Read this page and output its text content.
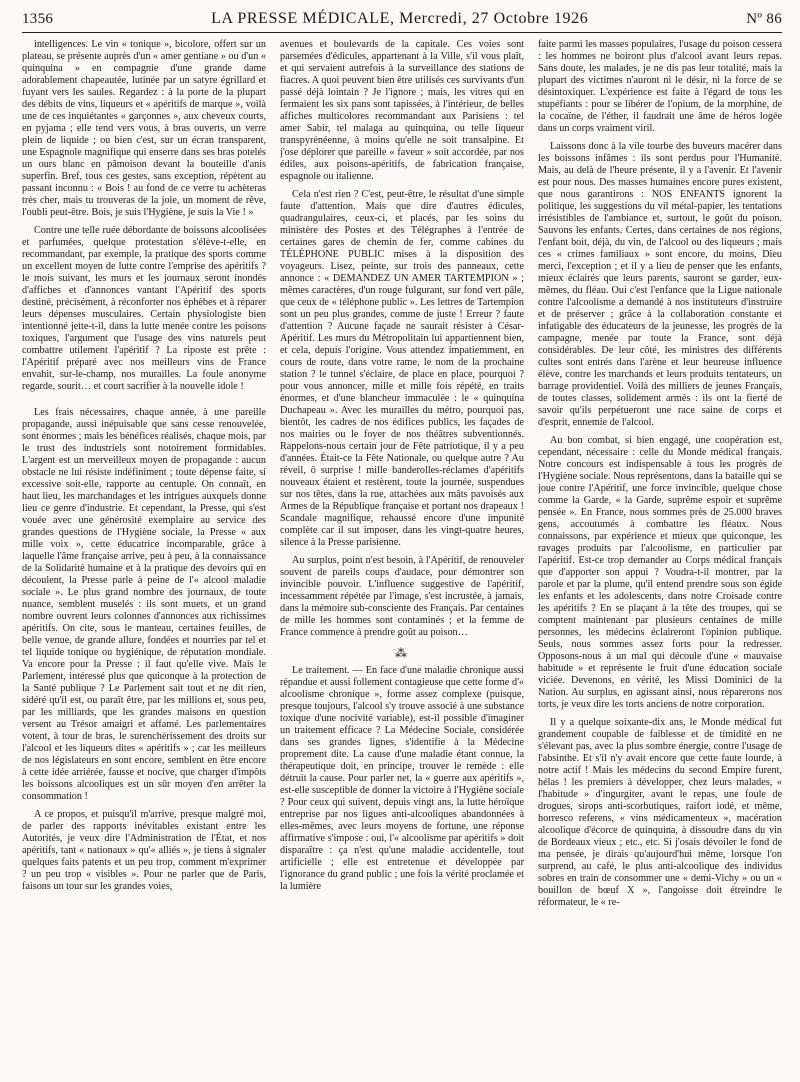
1356	LA PRESSE MÉDICALE, Mercredi, 27 Octobre 1926	Nº 86

intelligences. Le vin « tonique », bicolore, offert sur un plateau, se présente auprès d'un « amer gentiane » ou d'un « quinquina » en compagnie d'une grande dame adorablement chapeautée, lutinée par un satyre égrillard et fuyant vers les saules. Regardez : à la porte de la plupart des débits de vins, liqueurs et « apéritifs de marque », voilà une de ces inquiétantes « garçonnes », aux cheveux courts, en pyjama ; elle tend vers vous, à bras ouverts, un verre plein de liquide ; ou bien c'est, sur un écran transparent, une Espagnole magnifique qui enserre dans ses bras potelés un ours blanc en pâmoison devant la bouteille d'anis superfin. Bref, tous ces gestes, sans exception, répètent au passant inconnu : « Bois ! au fond de ce verre tu achèteras très cher, mais tu trouveras de la joie, un moment de rêve, l'oubli peut-être. Bois, je suis l'Hygiène, je suis la Vie ! »

Contre une telle ruée débordante de boissons alcoolisées et parfumées, quelque protestation s'élève-t-elle, en recommandant, par exemple, la pratique des sports comme un excellent moyen de lutte contre l'emprise des apéritifs ? le mois suivant, les murs et les journaux seront inondés d'affiches et d'annonces vantant l'Apéritif des sports destiné, précisément, à réconforter nos éphèbes et à réparer leurs dépenses musculaires. Certain physiologiste bien intentionné jette-t-il, dans la lutte menée contre les poisons toxiques, l'argument que l'usage des vins naturels peut combattre utilement l'apéritif ? La riposte est prête : l'Apéritif préparé avec nos meilleurs vins de France envahit, sur-le-champ, nos murailles. La foule anonyme regarde, sourit… et court sacrifier à la nouvelle idole !

Les frais nécessaires, chaque année, à une pareille propagande, aussi inépuisable que sans cesse renouvelée, sont énormes ; mais les bénéfices réalisés, chaque mois, par le trust des industriels sont notoirement formidables. L'argent est un merveilleux moyen de propagande : aucun obstacle ne lui résiste indéfiniment ; toute dépense faite, si excessive soit-elle, rapporte au centuple. On connaît, en haut lieu, les marchandages et les intrigues auxquels donne lieu ce genre d'industrie. Et cependant, la Presse, qui s'est vouée avec une générosité exemplaire au service des grandes questions de l'Hygiène sociale, la Presse « aux mille voix », cette éducatrice incomparable, grâce à laquelle l'âme française arrive, peu à peu, à la connaissance de la Solidarité humaine et à la pratique des devoirs qui en découlent, la Presse parle à peine de l'« alcool maladie sociale ». Le plus grand nombre des journaux, de toute nuance, semblent muselés : ils sont muets, et un grand nombre ouvrent leurs colonnes d'annonces aux richissimes apéritifs. On cite, sous le manteau, certaines feuilles, de belle venue, de grande allure, fondées et nourries par tel et tel liquide tonique ou hygiénique, de réputation mondiale. Va encore pour la Presse : il faut qu'elle vive. Mais le Parlement, intéressé plus que quiconque à la protection de la Santé publique ? Le Parlement sait tout et ne dit rien, sidéré qu'il est, ou paraît être, par les millions et, sous peu, par les milliards, que les grandes maisons en question versent au Trésor amaigri et affamé. Les parlementaires votent, à tour de bras, le surenchérissement des droits sur l'alcool et les liqueurs dites « apéritifs » ; car les meilleurs de nos législateurs en sont encore, semblent en être encore à cette idée arriérée, fausse et nocive, que charger d'impôts les boissons alcooliques est un sûr moyen d'en arrêter la consommation !

A ce propos, et puisqu'il m'arrive, presque malgré moi, de parler des rapports inévitables existant entre les Autorités, je veux dire l'Administration de l'État, et nos apéritifs, tant « nationaux » qu'« alliés », je tiens à signaler quelques faits patents et un peu trop, comment m'exprimer ? un peu trop « visibles ». Pour ne parler que de Paris, faisons un tour sur les grandes voies,

avenues et boulevards de la capitale. Ces voies sont parsemées d'édicules, appartenant à la Ville, s'il vous plaît, et qui servaient autrefois à la surveillance des stations de fiacres. A quoi peuvent bien être utilisés ces survivants d'un passé déjà lointain ? Je l'ignore ; mais, les vitres qui en fermaient les six pans sont tapissées, à l'intérieur, de belles affiches multicolores recommandant aux Parisiens : tel amer Sabir, tel malaga au quinquina, ou telle liqueur transpyrénéenne, à moins qu'elle ne soit transalpine. Et j'ose déplorer que pareille « faveur » soit accordée, par nos édiles, aux poisons-apéritifs, de fabrication française, espagnole ou italienne.

Cela n'est rien ? C'est, peut-être, le résultat d'une simple faute d'attention. Mais que dire d'autres édicules, quadrangulaires, ceux-ci, et placés, par les soins du ministère des Postes et des Télégraphes à l'entrée de certaines gares de chemin de fer, comme cabines du TÉLÉPHONE PUBLIC mises à la disposition des voyageurs. Lisez, peinte, sur trois des panneaux, cette annonce : « DEMANDEZ UN AMER TARTEMPION » ; mêmes caractères, d'un rouge fulgurant, sur fond vert pâle, que ceux de « téléphone public ». Les lettres de Tartempion sont un peu plus grandes, comme de juste ! Erreur ? faute d'attention ? Aucune façade ne saurait résister à César-Apéritif. Les murs du Métropolitain lui appartiennent bien, et cela, depuis l'origine. Vous attendez impatiemment, en cours de route, dans votre rame, le nom de la prochaine station ? le tunnel s'éclaire, de place en place, pourquoi ? pour vous annoncer, mille et mille fois répété, en traits énormes, et d'une blancheur immaculée : le « quinquina Duchapeau ». Avec les murailles du métro, pourquoi pas, bientôt, les cadres de nos édifices publics, les façades de nos mairies ou le foyer de nos théâtres subventionnés. Rappelons-nous certain jour de Fête patriotique, il y a peu d'années. Était-ce la Fête Nationale, ou quelque autre ? Au réveil, ô surprise ! mille banderolles-réclames d'apéritifs nouveaux étaient et restèrent, toute la journée, suspendues sur nos têtes, dans la rue, attachées aux mâts pavoisés aux Armes de la République française et portant nos drapeaux ! Scandale magnifique, rehaussé encore d'une impunité complète car il sut imposer, dans les vingt-quatre heures, silence à la Presse parisienne.

Au surplus, point n'est besoin, à l'Apéritif, de renouveler souvent de pareils coups d'audace, pour démontrer son invincible pouvoir. L'influence suggestive de l'apéritif, incessamment répétée par l'image, s'est incrustée, à jamais, dans la mémoire sub-consciente des Français. Par centaines de mille les hommes sont contaminés ; et la femme de France commence à prendre goût au poison…

⁂

Le traitement. — En face d'une maladie chronique aussi répandue et aussi follement contagieuse que cette forme d'« alcoolisme chronique », forme assez complexe (puisque, presque toujours, l'alcool s'y trouve associé à une substance toxique d'une nocivité variable), est-il possible d'imaginer un traitement efficace ? La Médecine Sociale, considérée dans ses grandes lignes, s'identifie à la Médecine proprement dite. La cause d'une maladie étant connue, la thérapeutique doit, en principe, trouver le remède : elle détruit la cause. Pour parler net, la « guerre aux apéritifs », est-elle susceptible de donner la victoire à l'Hygiène sociale ? Pour ceux qui suivent, depuis vingt ans, la lutte héroïque entreprise par nos ligues anti-alcooliques abandonnées à elles-mêmes, avec leurs moyens de fortune, une réponse affirmative s'impose : oui, l'« alcoolisme par apéritifs » doit disparaître : ça n'est qu'une maladie accidentelle, tout artificielle ; elle est entretenue et développée par l'ignorance du grand public ; une fois la vérité proclamée et la lumière

faite parmi les masses populaires, l'usage du poison cessera : les hommes ne boiront plus d'alcool avant leurs repas. Sans doute, les malades, je ne dis pas leur totalité, mais la plupart des victimes n'auront ni le désir, ni la force de se désintoxiquer. L'expérience est faite à l'égard de tous les stupéfiants : pour se libérer de l'opium, de la morphine, de la cocaïne, de l'éther, il faudrait une âme de héros logée dans un corps vraiment viril.

Laissons donc à la vile tourbe des buveurs macérer dans les boissons infâmes : ils sont perdus pour l'Humanité. Mais, au delà de l'heure présente, il y a l'avenir. Et l'avenir est pour nous. Des masses humaines encore pures existent, que nous garantirons : NOS ENFANTS ignorent la politique, les suggestions du vil métal-papier, les tentations irrésistibles de l'ambiance et, surtout, le goût du poison. Sauvons les enfants. Certes, dans certaines de nos régions, l'enfant boit, déjà, du vin, de l'alcool ou des liqueurs ; mais ces « crimes familiaux » sont encore, du moins, Dieu merci, l'exception ; et il y a lieu de penser que les enfants, mieux éclairés que leurs parents, sauront se garder, eux-mêmes, du fléau. Oui c'est l'enfance que la Ligue nationale contre l'alcoolisme a demandé à nos instituteurs d'instruire et de préserver ; grâce à la collaboration constante et infatigable des éducateurs de la jeunesse, les progrès de la campagne, menée par toute la France, sont déjà considérables. De leur côté, les ministres des différents cultes sont entrés dans l'arène et leur heureuse influence élève, contre les marchands et leurs produits tentateurs, un barrage providentiel. Voilà des milliers de jeunes Français, de toutes classes, solidement armés : ils ont la fierté de savoir qu'ils perpétueront une race saine de corps et d'esprit, ennemie de l'alcool.

Au bon combat, si bien engagé, une coopération est, cependant, nécessaire : celle du Monde médical français. Notre concours est indispensable à tous les progrès de l'Hygiène sociale. Nous représentons, dans la bataille qui se joue contre l'Apéritif, une force invincible, quelque chose comme la Garde, « la Garde, suprême espoir et suprême pensée ». En France, nous sommes près de 25.000 braves gens, accoutumés à combattre les fléaux. Nous connaissons, par expérience et mieux que quiconque, les ravages produits par l'alcoolisme, en particulier par l'apéritif. Est-ce trop demander au Corps médical français que d'apporter son appui ? Voudra-t-il montrer, par la parole et par la plume, qu'il entend prendre sous son égide les enfants et les adolescents, dans notre Croisade contre les apéritifs ? En se plaçant à la tête des troupes, qui se comptent maintenant par plusieurs centaines de mille personnes, les médecins éclaireront l'opinion publique. Seuls, nous sommes assez forts pour la redresser. Opposons-nous à un mal qui découle d'une « mauvaise habitude » et représente le fruit d'une éducation sociale viciée. Devenons, en vérité, les Missi Dominici de la Nation. Au surplus, en agissant ainsi, nous réparerons nos torts, je veux dire les torts anciens de notre corporation.

Il y a quelque soixante-dix ans, le Monde médical fut grandement coupable de faiblesse et de timidité en ne s'élevant pas, avec la plus sombre énergie, contre l'usage de l'absinthe. Et s'il n'y avait encore que cette faute lourde, à notre actif ! Mais les médecins du second Empire furent, hélas ! les premiers à développer, chez leurs malades, « l'habitude » d'ingurgiter, avant le repas, une foule de drogues, sirops anti-scorbutiques, raifort iodé, et même, horresco referens, « vins médicamenteux », macération alcoolique d'écorce de quinquina, à dissoudre dans du vin de Bordeaux vieux ; etc., etc. Si j'osais dévoiler le fond de ma pensée, je dirais qu'aujourd'hui même, lorsque l'on surprend, au café, le plus anti-alcoolique des individus sobres en train de consommer une « demi-Vichy » ou un « bouillon de bœuf X », l'angoisse doit étreindre le réformateur, le « re-
